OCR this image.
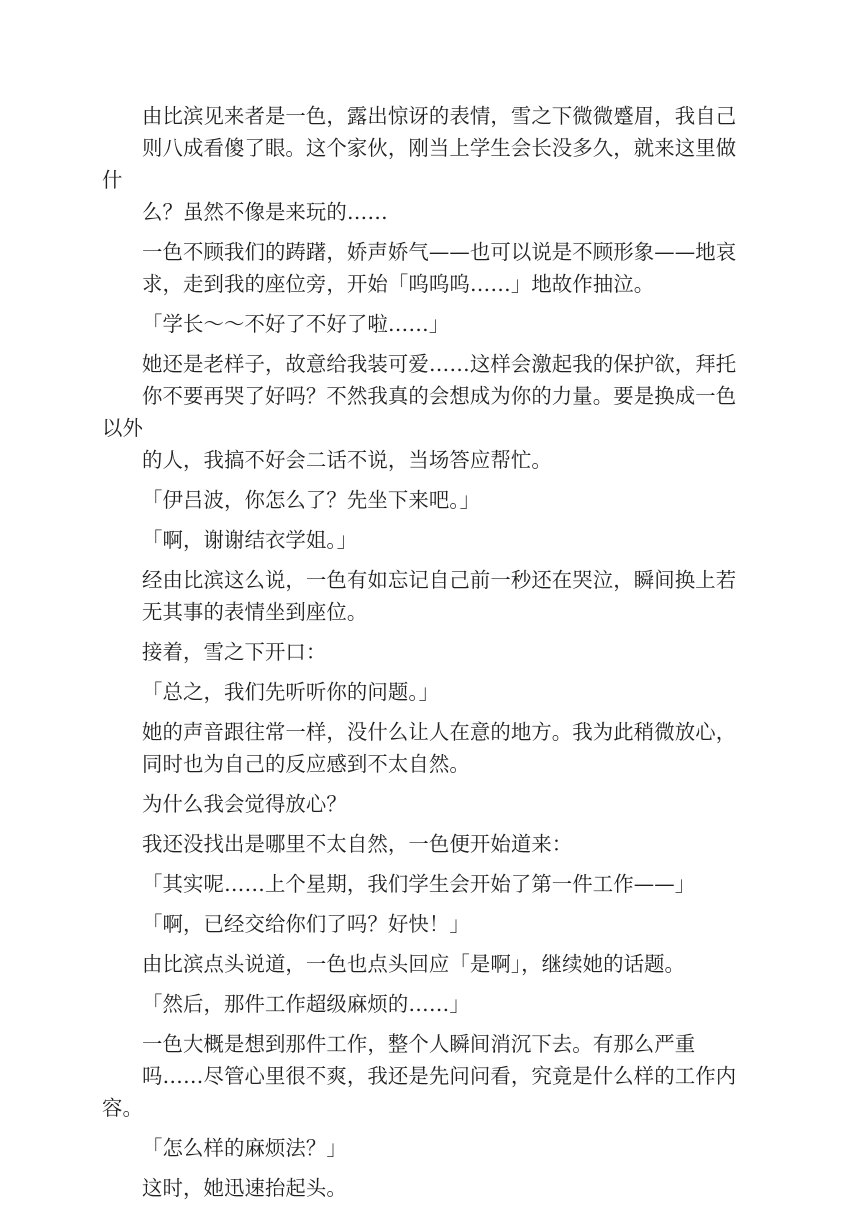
由比滨见来者是一色，露出惊讶的表情，雪之下微微蹙眉，我自己
则八成看傻了眼。这个家伙，刚当上学生会长没多久，就来这里做什
么？虽然不像是来玩的……

一色不顾我们的踌躇，娇声娇气——也可以说是不顾形象——地哀
求，走到我的座位旁，开始「呜呜呜……」地故作抽泣。

「学长～～不好了不好了啦……」

她还是老样子，故意给我装可爱……这样会激起我的保护欲，拜托
你不要再哭了好吗？不然我真的会想成为你的力量。要是换成一色以外
的人，我搞不好会二话不说，当场答应帮忙。

「伊吕波，你怎么了？先坐下来吧。」

「啊，谢谢结衣学姐。」

经由比滨这么说，一色有如忘记自己前一秒还在哭泣，瞬间换上若
无其事的表情坐到座位。

接着，雪之下开口：

「总之，我们先听听你的问题。」

她的声音跟往常一样，没什么让人在意的地方。我为此稍微放心，
同时也为自己的反应感到不太自然。

为什么我会觉得放心？

我还没找出是哪里不太自然，一色便开始道来：

「其实呢……上个星期，我们学生会开始了第一件工作——」

「啊，已经交给你们了吗？好快！」

由比滨点头说道，一色也点头回应「是啊」，继续她的话题。

「然后，那件工作超级麻烦的……」

一色大概是想到那件工作，整个人瞬间消沉下去。有那么严重
吗……尽管心里很不爽，我还是先问问看，究竟是什么样的工作内容。

「怎么样的麻烦法？」

这时，她迅速抬起头。
